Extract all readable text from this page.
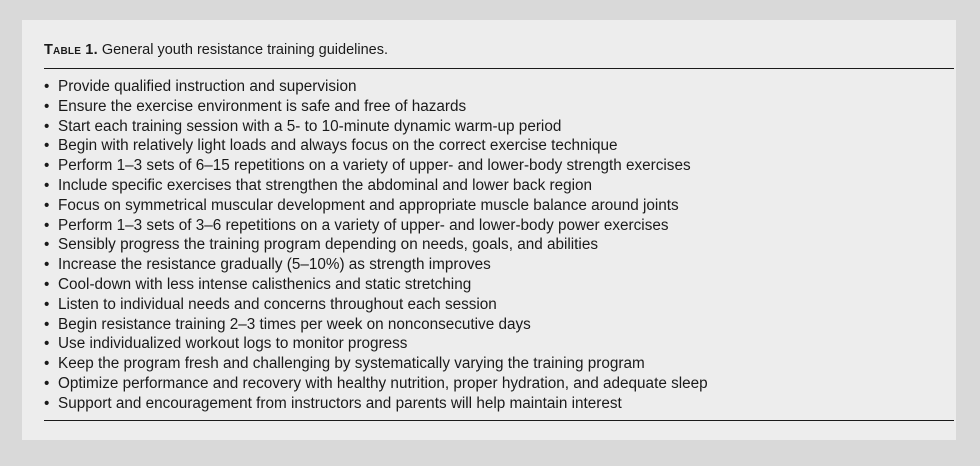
Table 1. General youth resistance training guidelines.
• Provide qualified instruction and supervision
• Ensure the exercise environment is safe and free of hazards
• Start each training session with a 5- to 10-minute dynamic warm-up period
• Begin with relatively light loads and always focus on the correct exercise technique
• Perform 1–3 sets of 6–15 repetitions on a variety of upper- and lower-body strength exercises
• Include specific exercises that strengthen the abdominal and lower back region
• Focus on symmetrical muscular development and appropriate muscle balance around joints
• Perform 1–3 sets of 3–6 repetitions on a variety of upper- and lower-body power exercises
• Sensibly progress the training program depending on needs, goals, and abilities
• Increase the resistance gradually (5–10%) as strength improves
• Cool-down with less intense calisthenics and static stretching
• Listen to individual needs and concerns throughout each session
• Begin resistance training 2–3 times per week on nonconsecutive days
• Use individualized workout logs to monitor progress
• Keep the program fresh and challenging by systematically varying the training program
• Optimize performance and recovery with healthy nutrition, proper hydration, and adequate sleep
• Support and encouragement from instructors and parents will help maintain interest
